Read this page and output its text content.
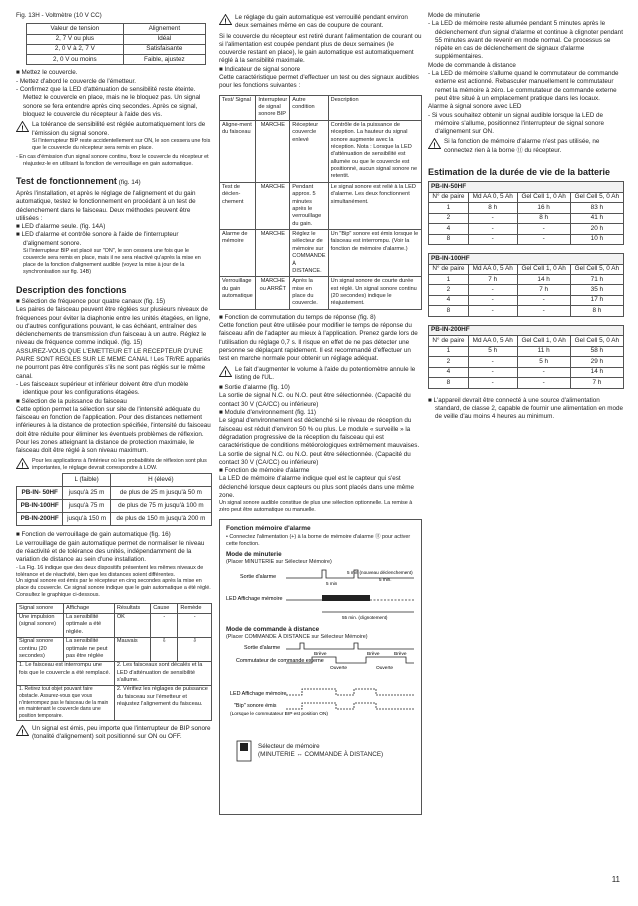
Fig. 13H - Voltmètre (10 V CC)

Valeur de tension	Alignement
2, 7 V ou plus	Idéal
2, 0 V à 2, 7 V	Satisfaisante
2, 0 V ou moins	Faible, ajustez

■ Mettez le couvercle.

- Mettez d'abord le couvercle de l'émetteur.

- Confirmez que la LED d'atténuation de sensibilité reste éteinte. Mettez le couvercle en place, mais ne le bloquez pas. Un signal sonore se fera entendre après cinq secondes. Après ce signal, bloquez le couvercle du récepteur à l'aide des vis.

!

La tolérance de sensibilité est réglée automatiquement lors de l'émission du signal sonore.

Si l'interrupteur BIP reste accidentellement sur ON, le son cessera une fois que le couvercle du récepteur sera remis en place.

- En cas d'émission d'un signal sonore continu, fixez le couvercle du récepteur et réajustez-le en utilisant la fonction de verrouillage en gain automatique.

Test de fonctionnement (fig. 14)

Après l'installation, et après le réglage de l'alignement et du gain automatique, testez le fonctionnement en procédant à un test de déclenchement dans le faisceau. Deux méthodes peuvent être utilisées :

■ LED d'alarme seule. (fig. 14A)

■ LED d'alarme et contrôle sonore à l'aide de l'interrupteur d'alignement sonore.

Si l'interrupteur BIP est placé sur "ON", le son cessera une fois que le couvercle sera remis en place, mais il ne sera réactivé qu'après la mise en place de la fonction d'alignement audible (voyez la mise à jour de la synchronisation sur fig. 14B)

Description des fonctions

■ Sélection de fréquence pour quatre canaux (fig. 15)

Les paires de faisceau peuvent être réglées sur plusieurs niveaux de fréquences pour éviter la diaphonie entre les unités étagées, en ligne, ou d'autres configurations pouvant, le cas échéant, entraîner des déclenchements de transmission d'un faisceau à un autre. Réglez le niveau de fréquence comme indiqué. (fig. 15)

ASSUREZ-VOUS QUE L'EMETTEUR ET LE RECEPTEUR D'UNE PAIRE SONT REGLES SUR LE MEME CANAL ! Les TR/RE appariés ne pourront pas être configurés s'ils ne sont pas réglés sur le même canal.

- Les faisceaux supérieur et inférieur doivent être d'un modèle identique pour les configurations étagées.

■ Sélection de la puissance du faisceau

Cette option permet la sélection sur site de l'intensité adéquate du faisceau en fonction de l'application. Pour des distances nettement inférieures à la distance de protection spécifiée, l'intensité du faisceau doit être réduite pour éliminer les éventuels problèmes de réflexion. Pour les zones atteignant la distance de protection maximale, le faisceau doit être réglé à son niveau maximum.

!

Pour les applications à l'intérieur où les probabilités de réflexion sont plus importantes, le réglage devrait correspondre à LOW.

	L (faible)	H (élevé)
PB-IN- 50HF	jusqu'à 25 m	de plus de 25 m jusqu'à 50 m
PB-IN-100HF	jusqu'à 75 m	de plus de 75 m jusqu'à 100 m
PB-IN-200HF	jusqu'à 150 m	de plus de 150 m jusqu'à 200 m

■ Fonction de verrouillage de gain automatique (fig. 16)

Le verrouillage de gain automatique permet de normaliser le niveau de réactivité et de tolérance des unités, indépendamment de la variation de distance au sein d'une installation.

- La Fig. 16 indique que des deux dispositifs présentent les mêmes niveaux de tolérance et de réactivité, bien que les distances soient différentes.

Un signal sonore est émis par le récepteur en cinq secondes après la mise en place du couvercle. Ce signal sonore indique que le gain automatique a été réglé. Consultez le graphique ci-dessous.

Signal sonore	Affichage	Résultats	Cause	Remède
Une impulsion (signal sonore)	La sensibilité optimale a été réglée.	OK	-	-
Signal sonore continu (20 secondes)	La sensibilité optimale ne peut pas être réglée	Mauvais	⇩	⇩
1. Le faisceau est interrompu une fois que le couvercle a été remplacé.		2. Les faisceaux sont décalés et la LED d'atténuation de sensibilité s'allume.		
1. Retirez tout objet pouvant faire obstacle. Assurez-vous que vous n'interrompez pas le faisceau de la main en maintenant le couvercle dans une position temporaire.		2. Vérifiez les réglages de puissance du faisceau sur l'émetteur et réajustez l'alignement du faisceau.		
!

Un signal est émis, peu importe que l'interrupteur de BIP sonore (tonalité d'alignement) soit positionné sur ON ou OFF.

!

Le réglage du gain automatique est verrouillé pendant environ deux semaines même en cas de coupure de courant.

Si le couvercle du récepteur est retiré durant l'alimentation de courant ou si l'alimentation est coupée pendant plus de deux semaines (le couvercle restant en place), le gain automatique est automatiquement réglé à la sensibilité maximale.

■ Indicateur de signal sonore

Cette caractéristique permet d'effectuer un test ou des signaux audibles pour les fonctions suivantes :

Test/ Signal	Interrupteur de signal sonore BIP	Autre condition	Description
Aligne-ment du faisceau	MARCHE	Récepteur couvercle enlevé	Contrôle de la puissance de réception. La hauteur du signal sonore augmente avec la réception. Nota : Lorsque la LED d'atténuation de sensibilité est allumée ou que le couvercle est positionné, aucun signal sonore ne retentit.
Test de déclen-chement	MARCHE	Pendant approx. 5 minutes après le verrouillage du gain.	Le signal sonore est relié à la LED d'alarme. Les deux fonctionnent simultanément.
Alarme de mémoire	MARCHE	Réglez le sélecteur de mémoire sur COMMANDE À DISTANCE.	Un "Bip" sonore est émis lorsque le faisceau est interrompu. (Voir la fonction de mémoire d'alarme.)
Verrouillage du gain automatique	MARCHE ou ARRÊT	Après la mise en place du couvercle.	Un signal sonore de courte durée est réglé. Un signal sonore continu (20 secondes) indique le réajustement.

■ Fonction de commutation du temps de réponse (fig. 8)

Cette fonction peut être utilisée pour modifier le temps de réponse du faisceau afin de l'adapter au mieux à l'application. Prenez garde lors de l'utilisation du réglage 0,7 s. Il risque en effet de ne pas détecter une personne se déplaçant rapidement. Il est recommandé d'effectuer un test en marche normale pour obtenir un réglage adéquat.

!

Le fait d'augmenter le volume à l'aide du potentiomètre annule le listing de l'UL.

■ Sortie d'alarme (fig. 10)

La sortie de signal N.C. ou N.O. peut être sélectionnée. (Capacité du contact 30 V (CA/CC) ou inférieure)

■ Module d'environnement (fig. 11)

Le signal d'environnement est déclenché si le niveau de réception du faisceau est réduit d'environ 50 % ou plus. Le module « surveille » la dégradation progressive de la réception du faisceau qui est caractéristique de conditions météorologiques extrêmement mauvaises. La sortie de signal N.C. ou N.O. peut être sélectionnée. (Capacité du contact 30 V (CA/CC) ou inférieure)

■ Fonction de mémoire d'alarme

La LED de mémoire d'alarme indique quel est le capteur qui s'est déclenché lorsque deux capteurs ou plus sont placés dans une même zone.

Un signal sonore audible constitue de plus une sélection optionnelle. La remise à zéro peut être automatique ou manuelle.

Fonction mémoire d'alarme

• Connectez l'alimentation (+) à la borne de mémoire d'alarme ⑪ pour activer cette fonction.

Mode de minuterie

(Placer MINUTERIE sur Sélecteur Mémoire)

Sortie d'alarme
5 min
5 min (nouveau déclenchement)
5 min.
LED Affichage mémoire
55 min. (clignotement)

Mode de commande à distance

(Placer COMMANDE À DISTANCE sur Sélecteur Mémoire)

Sortie d'alarme
Commutateur de commande externe
Brève
Ouverte
Brève	Brève
Ouverte
LED Affichage mémoire
"Bip" sonore émis
(Lorsque le commutateur BIP est position ON)

Sélecteur de mémoire

(MINUTERIE ↔ COMMANDE À DISTANCE)

Mode de minuterie

- La LED de mémoire reste allumée pendant 5 minutes après le déclenchement d'un signal d'alarme et continue à clignoter pendant 55 minutes avant de revenir en mode normal. Ce processus se répète en cas de déclenchement de signaux d'alarme supplémentaires.

Mode de commande à distance

- La LED de mémoire s'allume quand le commutateur de commande externe est actionné. Rebasculer manuellement le commutateur remet la mémoire à zéro. Le commutateur de commande externe peut être situé à un emplacement pratique dans les locaux.

Alarme à signal sonore avec LED

- Si vous souhaitez obtenir un signal audible lorsque la LED de mémoire s'allume, positionnez l'interrupteur de signal sonore d'alignement sur ON.

!

Si la fonction de mémoire d'alarme n'est pas utilisée, ne connectez rien à la borne ⑪ du récepteur.

Estimation de la durée de vie de la batterie

PB-IN-50HF			
N° de paire	Md AA 0, 5 Ah	Gel Cell 1, 0 Ah	Gel Cell 5, 0 Ah
1	8 h	16 h	83 h
2	-	8 h	41 h
4	-	-	20 h
8	-	-	10 h
PB-IN-100HF			
N° de paire	Md AA 0, 5 Ah	Gel Cell 1, 0 Ah	Gel Cell 5, 0 Ah
1	7 h	14 h	71 h
2	-	7 h	35 h
4	-	-	17 h
8	-	-	8 h
PB-IN-200HF			
N° de paire	Md AA 0, 5 Ah	Gel Cell 1, 0 Ah	Gel Cell 5, 0 Ah
1	5 h	11 h	58 h
2	-	5 h	29 h
4	-	-	14 h
8	-	-	7 h

■ L'appareil devrait être connecté à une source d'alimentation standard, de classe 2, capable de fournir une alimentation en mode de veille d'au moins 4 heures au minimum.

11
